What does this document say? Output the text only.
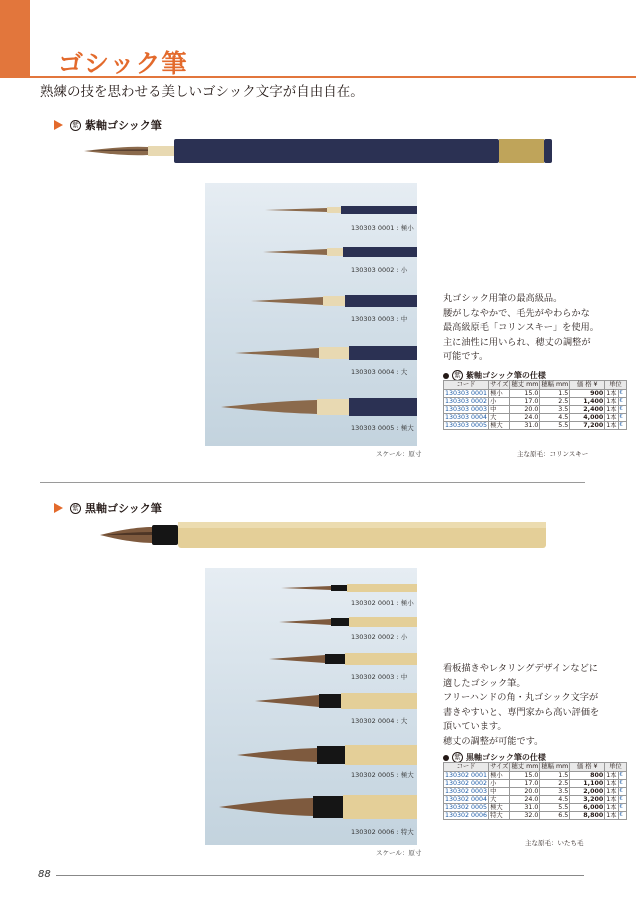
ゴシック筆
熟練の技を思わせる美しいゴシック文字が自由自在。
紫 紫軸ゴシック筆
130303 0001 : 極小
130303 0002 : 小
130303 0003 : 中
130303 0004 : 大
130303 0005 : 極大
スケール：原寸
丸ゴシック用筆の最高級品。
腰がしなやかで、毛先がやわらかな
最高級原毛「コリンスキー」を使用。
主に油性に用いられ、穂丈の調整が
可能です。
紫 紫軸ゴシック筆の仕様
コード	サイズ	穂丈 mm	穂幅 mm	価 格 ¥	単位	
130303 0001	極小	15.0	1.5	900	1本	€
130303 0002	小	17.0	2.5	1,400	1本	€
130303 0003	中	20.0	3.5	2,400	1本	€
130303 0004	大	24.0	4.5	4,000	1本	€
130303 0005	極大	31.0	5.5	7,200	1本	€
主な原毛：コリンスキー
紫 黒軸ゴシック筆
130302 0001 : 極小
130302 0002 : 小
130302 0003 : 中
130302 0004 : 大
130302 0005 : 極大
130302 0006 : 特大
スケール：原寸
看板描きやレタリングデザインなどに
適したゴシック筆。
フリーハンドの角・丸ゴシック文字が
書きやすいと、専門家から高い評価を
頂いています。
穂丈の調整が可能です。
紫 黒軸ゴシック筆の仕様
コード	サイズ	穂丈 mm	穂幅 mm	価 格 ¥	単位	
130302 0001	極小	15.0	1.5	800	1本	€
130302 0002	小	17.0	2.5	1,100	1本	€
130302 0003	中	20.0	3.5	2,000	1本	€
130302 0004	大	24.0	4.5	3,200	1本	€
130302 0005	極大	31.0	5.5	6,000	1本	€
130302 0006	特大	32.0	6.5	8,800	1本	€
主な原毛：いたち毛
88
